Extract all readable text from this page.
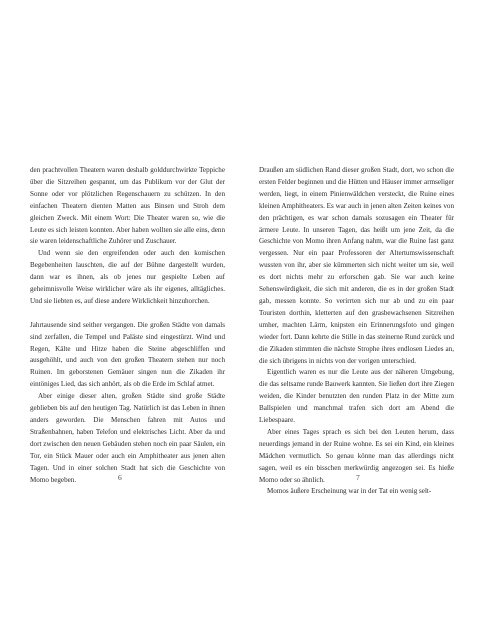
den prachtvollen Theatern waren deshalb golddurchwirkte Teppiche über die Sitzreihen gespannt, um das Publikum vor der Glut der Sonne oder vor plötzlichen Regenschauern zu schützen. In den einfachen Theatern dienten Matten aus Binsen und Stroh dem gleichen Zweck. Mit einem Wort: Die Theater waren so, wie die Leute es sich leisten konnten. Aber haben wollten sie alle eins, denn sie waren leidenschaftliche Zuhörer und Zuschauer.

Und wenn sie den ergreifenden oder auch den komischen Begebenheiten lauschten, die auf der Bühne dargestellt wurden, dann war es ihnen, als ob jenes nur gespielte Leben auf geheimnisvolle Weise wirklicher wäre als ihr eigenes, alltägliches. Und sie liebten es, auf diese andere Wirklichkeit hinzuhorchen.

Jahrtausende sind seither vergangen. Die großen Städte von damals sind zerfallen, die Tempel und Paläste sind eingestürzt. Wind und Regen, Kälte und Hitze haben die Steine abgeschliffen und ausgehöhlt, und auch von den großen Theatern stehen nur noch Ruinen. Im geborstenen Gemäuer singen nun die Zikaden ihr eintöniges Lied, das sich anhört, als ob die Erde im Schlaf atmet.

Aber einige dieser alten, großen Städte sind große Städte geblieben bis auf den heutigen Tag. Natürlich ist das Leben in ihnen anders geworden. Die Menschen fahren mit Autos und Straßenbahnen, haben Telefon und elektrisches Licht. Aber da und dort zwischen den neuen Gebäuden stehen noch ein paar Säulen, ein Tor, ein Stück Mauer oder auch ein Amphitheater aus jenen alten Tagen. Und in einer solchen Stadt hat sich die Geschichte von Momo begeben.	6

Draußen am südlichen Rand dieser großen Stadt, dort, wo schon die ersten Felder beginnen und die Hütten und Häuser immer armseliger werden, liegt, in einem Pinienwäldchen versteckt, die Ruine eines kleinen Amphitheaters. Es war auch in jenen alten Zeiten keines von den prächtigen, es war schon damals sozusagen ein Theater für ärmere Leute. In unseren Tagen, das heißt um jene Zeit, da die Geschichte von Momo ihren Anfang nahm, war die Ruine fast ganz vergessen. Nur ein paar Professoren der Altertumswissenschaft wussten von ihr, aber sie kümmerten sich nicht weiter um sie, weil es dort nichts mehr zu erforschen gab. Sie war auch keine Sehenswürdigkeit, die sich mit anderen, die es in der großen Stadt gab, messen konnte. So verirrten sich nur ab und zu ein paar Touristen dorthin, kletterten auf den grasbewachsenen Sitzreihen umher, machten Lärm, knipsten ein Erinnerungsfoto und gingen wieder fort. Dann kehrte die Stille in das steinerne Rund zurück und die Zikaden stimmten die nächste Strophe ihres endlosen Liedes an, die sich übrigens in nichts von der vorigen unterschied.

Eigentlich waren es nur die Leute aus der näheren Umgebung, die das seltsame runde Bauwerk kannten. Sie ließen dort ihre Ziegen weiden, die Kinder benutzten den runden Platz in der Mitte zum Ballspielen und manchmal trafen sich dort am Abend die Liebespaare.

Aber eines Tages sprach es sich bei den Leuten herum, dass neuerdings jemand in der Ruine wohne. Es sei ein Kind, ein kleines Mädchen vermutlich. So genau könne man das allerdings nicht sagen, weil es ein bisschen merkwürdig angezogen sei. Es hieße Momo oder so ähnlich.

Momos äußere Erscheinung war in der Tat ein wenig selt-

7
